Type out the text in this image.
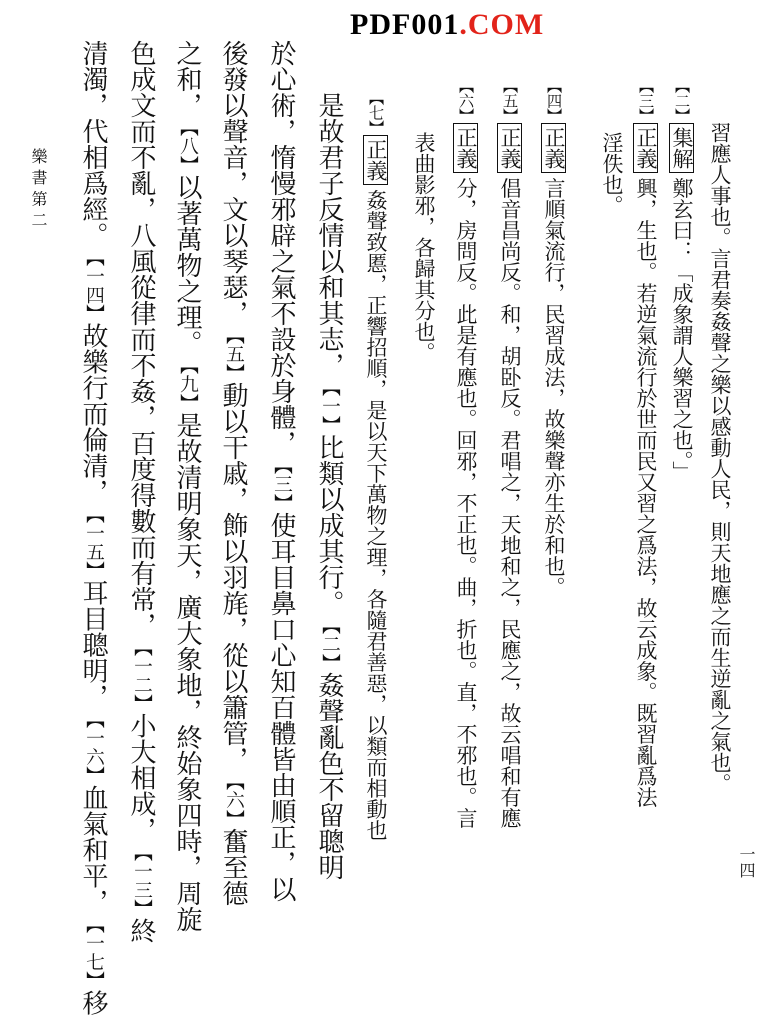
PDF001.COM
習應人事也。言君奏姦聲之樂以感動人民，則天地應之而生逆亂之氣也。
【二】集解鄭玄曰：「成象謂人樂習之也。」
【三】正義興，生也。若逆氣流行於世而民又習之爲法，故云成象。既習亂爲法
淫佚也。
【四】正義言順氣流行，民習成法，故樂聲亦生於和也。
【五】正義倡音昌尚反。和，胡卧反。君唱之，天地和之，民應之，故云唱和有應
【六】正義分，房問反。此是有應也。回邪，不正也。曲，折也。直，不邪也。言
表曲影邪，各歸其分也。
【七】正義姦聲致慝，正響招順，是以天下萬物之理，各隨君善惡，以類而相動也
是故君子反情以和其志，【一】比類以成其行。【二】姦聲亂色不留聰明
於心術，惰慢邪辟之氣不設於身體，【三】使耳目鼻口心知百體皆由順正，以
後發以聲音，文以琴瑟，【五】動以干戚，飾以羽旄，從以簫管，【六】奮至德
之和，【八】以著萬物之理。【九】是故清明象天，廣大象地，終始象四時，周旋
色成文而不亂，八風從律而不姦，百度得數而有常，【一二】小大相成，【一三】終
清濁，代相爲經。【一四】故樂行而倫清，【一五】耳目聰明，【一六】血氣和平，【一七】移
樂 書 第 二
一四
